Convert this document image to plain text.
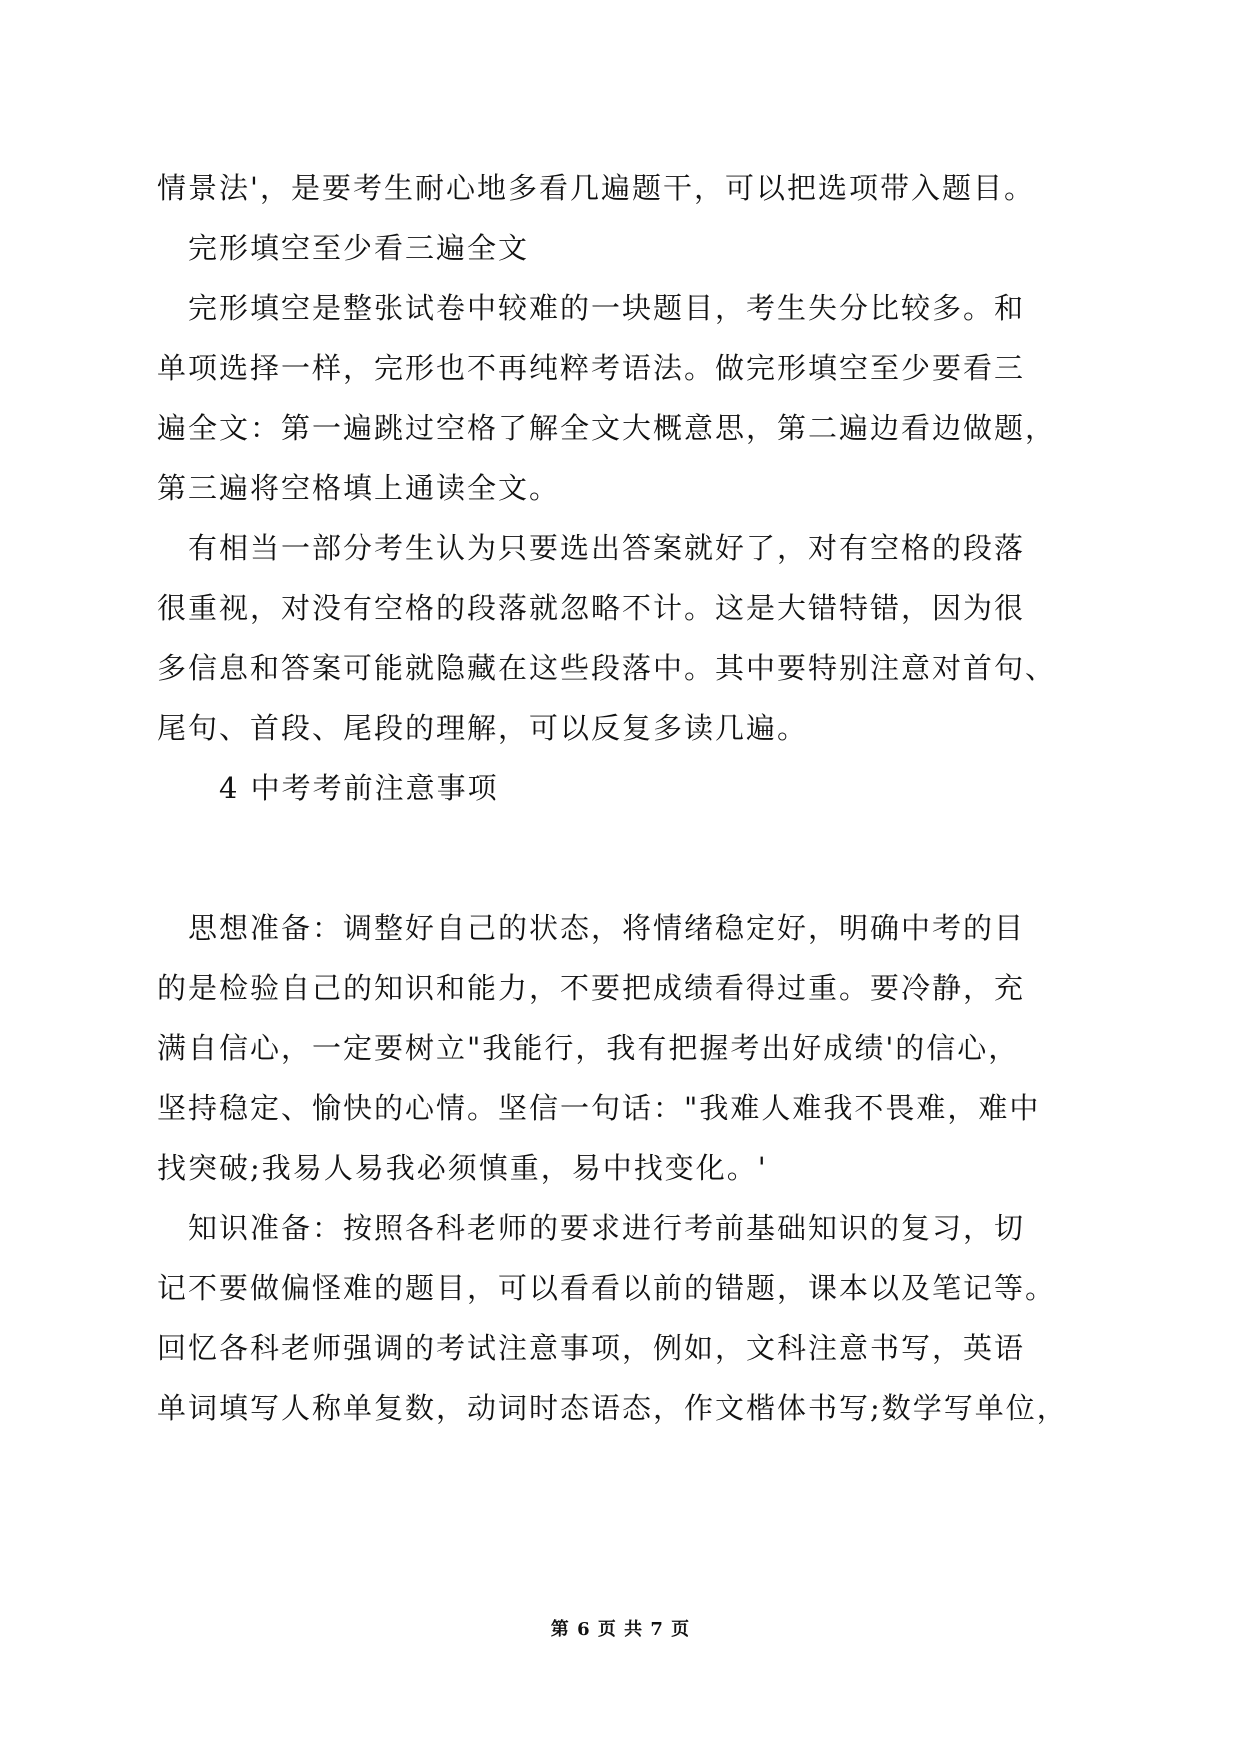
情景法'，是要考生耐心地多看几遍题干，可以把选项带入题目。
完形填空至少看三遍全文
完形填空是整张试卷中较难的一块题目，考生失分比较多。和
单项选择一样，完形也不再纯粹考语法。做完形填空至少要看三
遍全文：第一遍跳过空格了解全文大概意思，第二遍边看边做题，
第三遍将空格填上通读全文。
有相当一部分考生认为只要选出答案就好了，对有空格的段落
很重视，对没有空格的段落就忽略不计。这是大错特错，因为很
多信息和答案可能就隐藏在这些段落中。其中要特别注意对首句、
尾句、首段、尾段的理解，可以反复多读几遍。
4 中考考前注意事项
思想准备：调整好自己的状态，将情绪稳定好，明确中考的目
的是检验自己的知识和能力，不要把成绩看得过重。要冷静，充
满自信心，一定要树立"我能行，我有把握考出好成绩'的信心，
坚持稳定、愉快的心情。坚信一句话："我难人难我不畏难，难中
找突破;我易人易我必须慎重，易中找变化。'
知识准备：按照各科老师的要求进行考前基础知识的复习，切
记不要做偏怪难的题目，可以看看以前的错题，课本以及笔记等。
回忆各科老师强调的考试注意事项，例如，文科注意书写，英语
单词填写人称单复数，动词时态语态，作文楷体书写;数学写单位，
第 6 页 共 7 页
